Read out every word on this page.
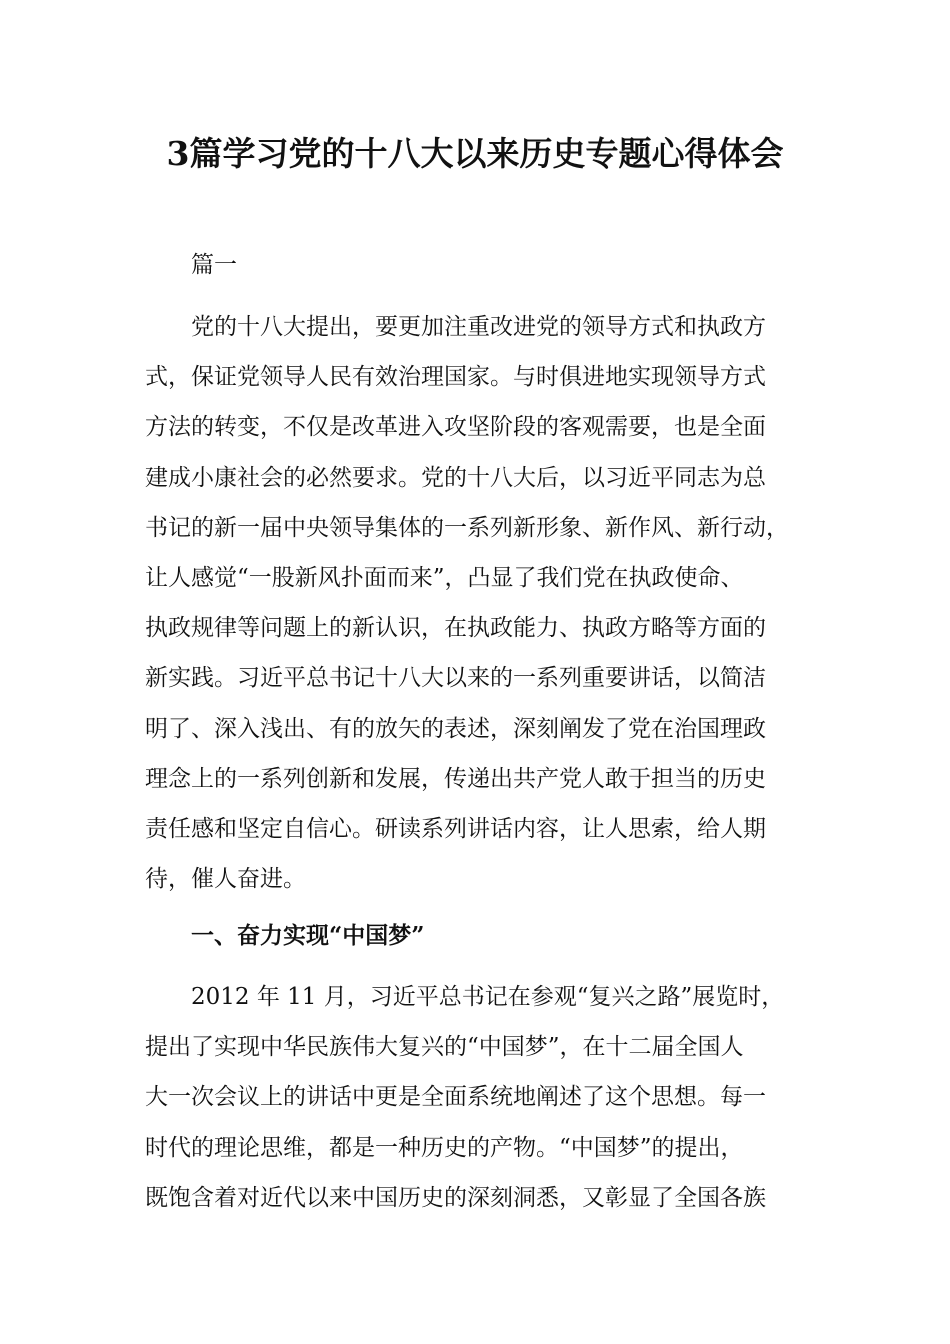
3篇学习党的十八大以来历史专题心得体会
篇一
党的十八大提出，要更加注重改进党的领导方式和执政方
式，保证党领导人民有效治理国家。与时俱进地实现领导方式
方法的转变，不仅是改革进入攻坚阶段的客观需要，也是全面
建成小康社会的必然要求。党的十八大后，以习近平同志为总
书记的新一届中央领导集体的一系列新形象、新作风、新行动，
让人感觉“一股新风扑面而来”，凸显了我们党在执政使命、
执政规律等问题上的新认识，在执政能力、执政方略等方面的
新实践。习近平总书记十八大以来的一系列重要讲话，以简洁
明了、深入浅出、有的放矢的表述，深刻阐发了党在治国理政
理念上的一系列创新和发展，传递出共产党人敢于担当的历史
责任感和坚定自信心。研读系列讲话内容，让人思索，给人期
待，催人奋进。
一、奋力实现“中国梦”
2012 年 11 月，习近平总书记在参观“复兴之路”展览时，
提出了实现中华民族伟大复兴的“中国梦”，在十二届全国人
大一次会议上的讲话中更是全面系统地阐述了这个思想。每一
时代的理论思维，都是一种历史的产物。“中国梦”的提出，
既饱含着对近代以来中国历史的深刻洞悉，又彰显了全国各族
